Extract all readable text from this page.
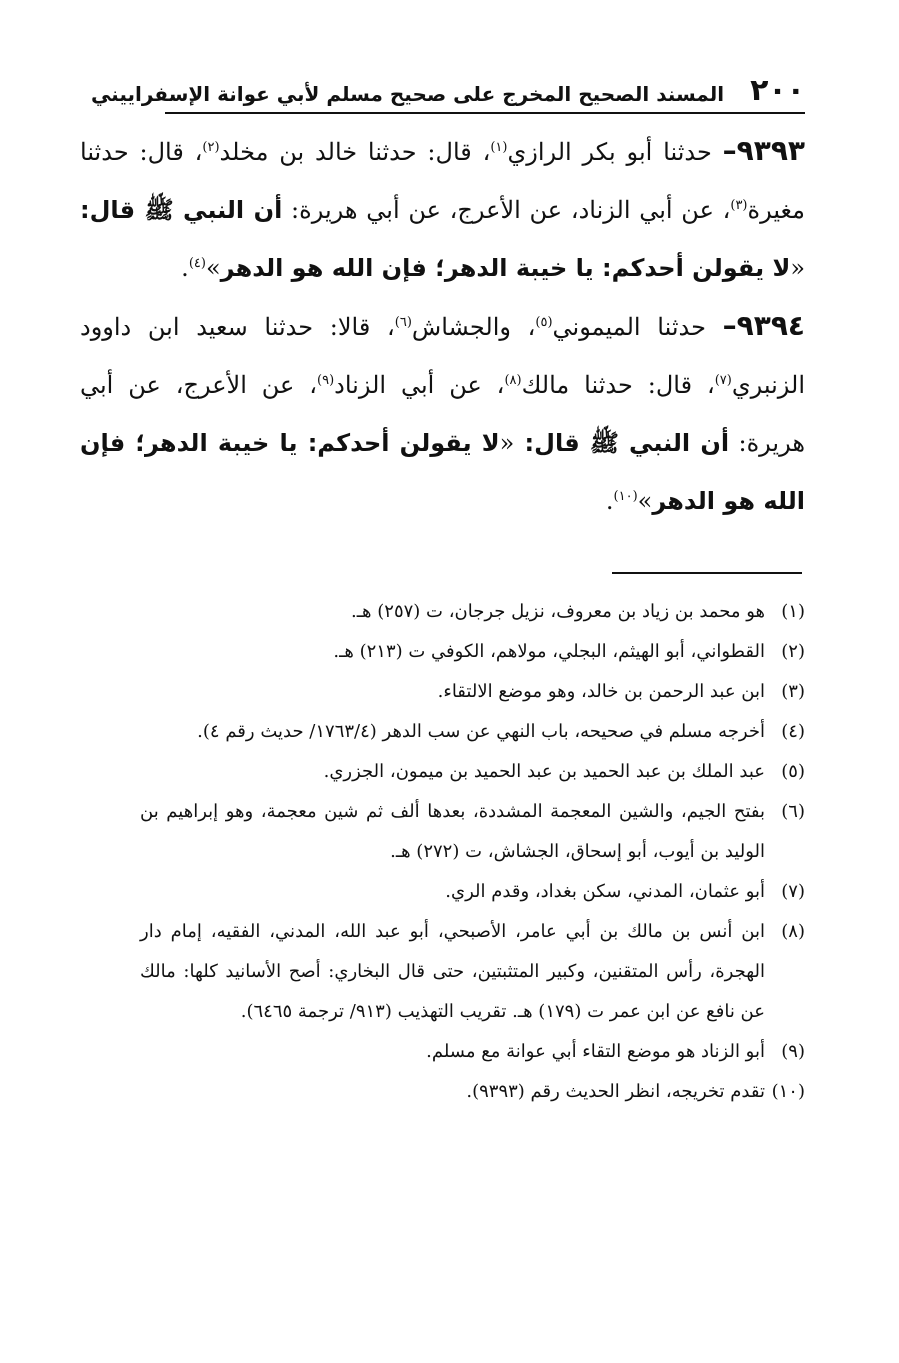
٢٠٠
المسند الصحيح المخرج على صحيح مسلم لأبي عوانة الإسفراييني

٩٣٩٣– حدثنا أبو بكر الرازي$^{(١)}$، قال: حدثنا خالد بن مخلد$^{(٢)}$، قال: حدثنا مغيرة$^{(٣)}$، عن أبي الزناد، عن الأعرج، عن أبي هريرة: أن النبي ﷺ قال: «لا يقولن أحدكم: يا خيبة الدهر؛ فإن الله هو الدهر»$^{(٤)}$.

٩٣٩٤– حدثنا الميموني$^{(٥)}$، والجشاش$^{(٦)}$، قالا: حدثنا سعيد ابن داوود الزنبري$^{(٧)}$، قال: حدثنا مالك$^{(٨)}$، عن أبي الزناد$^{(٩)}$، عن الأعرج، عن أبي هريرة: أن النبي ﷺ قال: «لا يقولن أحدكم: يا خيبة الدهر؛ فإن الله هو الدهر»$^{(١٠)}$.

(١)
هو محمد بن زياد بن معروف، نزيل جرجان، ت (٢٥٧) هـ.
(٢)
القطواني، أبو الهيثم، البجلي، مولاهم، الكوفي ت (٢١٣) هـ.
(٣)
ابن عبد الرحمن بن خالد، وهو موضع الالتقاء.
(٤)
أخرجه مسلم في صحيحه، باب النهي عن سب الدهر (١٧٦٣/٤/ حديث رقم ٤).
(٥)
عبد الملك بن عبد الحميد بن عبد الحميد بن ميمون، الجزري.
(٦)
بفتح الجيم، والشين المعجمة المشددة، بعدها ألف ثم شين معجمة، وهو إبراهيم بن الوليد بن أيوب، أبو إسحاق، الجشاش، ت (٢٧٢) هـ.
(٧)
أبو عثمان، المدني، سكن بغداد، وقدم الري.
(٨)
ابن أنس بن مالك بن أبي عامر، الأصبحي، أبو عبد الله، المدني، الفقيه، إمام دار الهجرة، رأس المتقنين، وكبير المتثبتين، حتى قال البخاري: أصح الأسانيد كلها: مالك عن نافع عن ابن عمر ت (١٧٩) هـ. تقريب التهذيب (٩١٣/ ترجمة ٦٤٦٥).
(٩)
أبو الزناد هو موضع التقاء أبي عوانة مع مسلم.
(١٠)
تقدم تخريجه، انظر الحديث رقم (٩٣٩٣).
